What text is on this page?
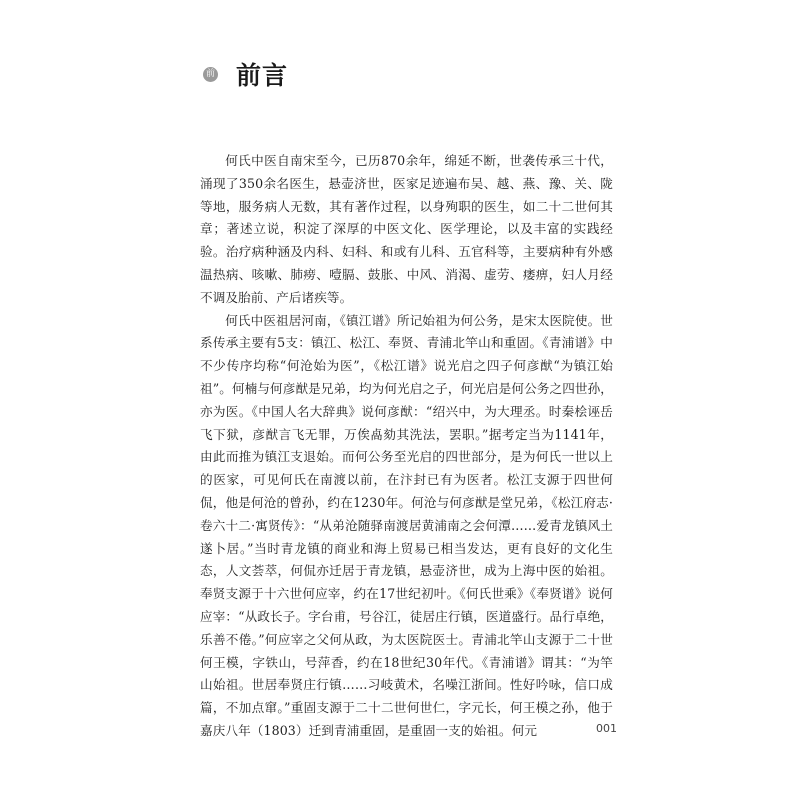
前 前言

何氏中医自南宋至今，已历870余年，绵延不断，世袭传承三十代，涌现了350余名医生，悬壶济世，医家足迹遍布吴、越、燕、豫、关、陇等地，服务病人无数，其有著作过程，以身殉职的医生，如二十二世何其章；著述立说，积淀了深厚的中医文化、医学理论，以及丰富的实践经验。治疗病种涵及内科、妇科、和或有儿科、五官科等，主要病种有外感温热病、咳嗽、肺痨、噎膈、鼓胀、中风、消渴、虚劳、痿痹，妇人月经不调及胎前、产后诸疾等。

何氏中医祖居河南，《镇江谱》所记始祖为何公务，是宋太医院使。世系传承主要有5支：镇江、松江、奉贤、青浦北竿山和重固。《青浦谱》中不少传序均称“何沧始为医”，《松江谱》说光启之四子何彦猷“为镇江始祖”。何楠与何彦猷是兄弟，均为何光启之子，何光启是何公务之四世孙，亦为医。《中国人名大辞典》说何彦猷：“绍兴中，为大理丞。时秦桧诬岳飞下狱，彦猷言飞无罪，万俟卨劾其洗法，罢职。”据考定当为1141年，由此而推为镇江支退始。而何公务至光启的四世部分，是为何氏一世以上的医家，可见何氏在南渡以前，在汴封已有为医者。松江支源于四世何侃，他是何沧的曾孙，约在1230年。何沧与何彦猷是堂兄弟，《松江府志·卷六十二·寓贤传》：“从弟沧随驿南渡居黄浦南之会何潭……爱青龙镇风土遂卜居。”当时青龙镇的商业和海上贸易已相当发达，更有良好的文化生态，人文荟萃，何侃亦迁居于青龙镇，悬壶济世，成为上海中医的始祖。奉贤支源于十六世何应宰，约在17世纪初叶。《何氏世乘》《奉贤谱》说何应宰：“从政长子。字台甫，号谷江，徒居庄行镇，医道盛行。品行卓绝，乐善不倦。”何应宰之父何从政，为太医院医士。青浦北竿山支源于二十世何王模，字铁山，号萍香，约在18世纪30年代。《青浦谱》谓其：“为竿山始祖。世居奉贤庄行镇……习岐黄术，名噪江浙间。性好吟咏，信口成篇，不加点窜。”重固支源于二十二世何世仁，字元长，何王模之孙，他于嘉庆八年（1803）迁到青浦重固，是重固一支的始祖。何元	001
